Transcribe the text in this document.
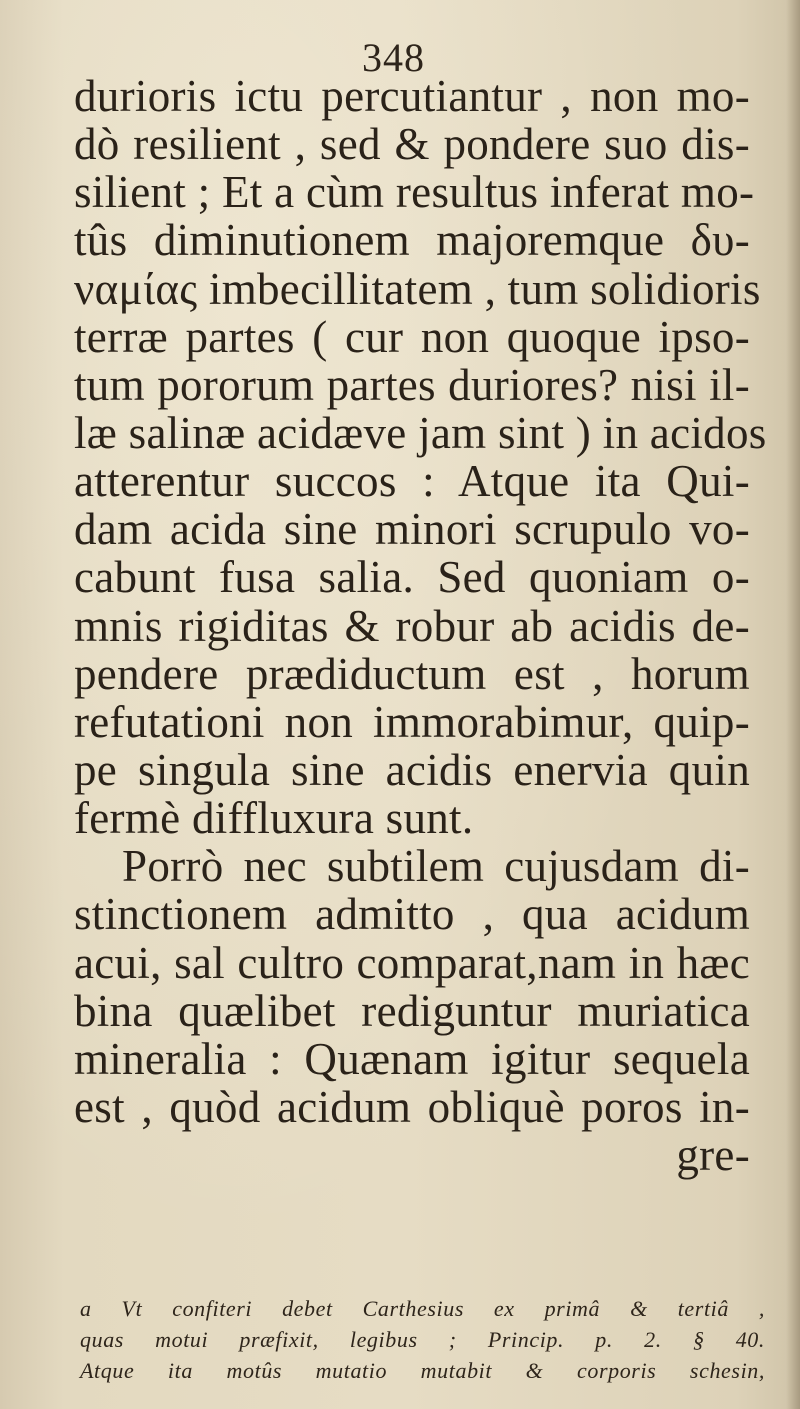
348
durioris ictu percutiantur , non mo-
dò resilient , sed & pondere suo dis-
silient ; Et a cùm resultus inferat mo-
tûs diminutionem majoremque δυ-
ναμίας imbecillitatem , tum solidioris
terræ partes ( cur non quoque ipso-
tum pororum partes duriores? nisi il-
læ salinæ acidæve jam sint ) in acidos
atterentur succos : Atque ita Qui-
dam acida sine minori scrupulo vo-
cabunt fusa salia. Sed quoniam o-
mnis rigiditas & robur ab acidis de-
pendere prædiductum est , horum
refutationi non immorabimur, quip-
pe singula sine acidis enervia quin
fermè diffluxura sunt.
Porrò nec subtilem cujusdam di-
stinctionem admitto , qua acidum
acui, sal cultro comparat,nam in hæc
bina quælibet rediguntur muriatica
mineralia : Quænam igitur sequela
est , quòd acidum obliquè poros in-
gre-
a Vt confiteri debet Carthesius ex primâ & tertiâ ,
quas motui præfixit, legibus ; Princip. p. 2. § 40.
Atque ita motûs mutatio mutabit & corporis schesin,
